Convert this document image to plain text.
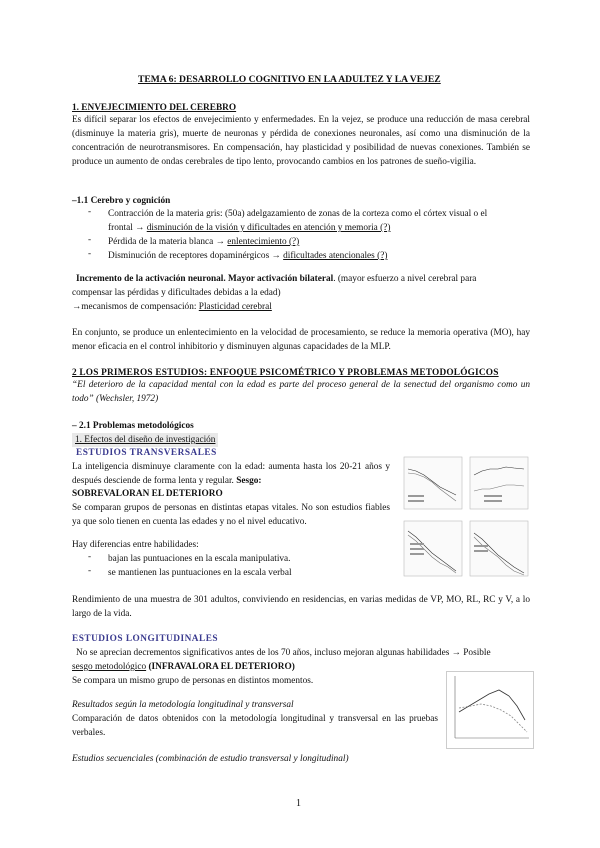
TEMA 6: DESARROLLO COGNITIVO EN LA ADULTEZ Y LA VEJEZ
1. ENVEJECIMIENTO DEL CEREBRO
Es difícil separar los efectos de envejecimiento y enfermedades. En la vejez, se produce una reducción de masa cerebral (disminuye la materia gris), muerte de neuronas y pérdida de conexiones neuronales, así como una disminución de la concentración de neurotransmisores. En compensación, hay plasticidad y posibilidad de nuevas conexiones. También se produce un aumento de ondas cerebrales de tipo lento, provocando cambios en los patrones de sueño-vigilia.
–1.1 Cerebro y cognición
- Contracción de la materia gris: (50a) adelgazamiento de zonas de la corteza como el córtex visual o el
frontal → disminución de la visión y dificultades en atención y memoria (?)
- Pérdida de la materia blanca → enlentecimiento (?)
- Disminución de receptores dopaminérgicos → dificultades atencionales (?)
Incremento de la activación neuronal. Mayor activación bilateral. (mayor esfuerzo a nivel cerebral para
compensar las pérdidas y dificultades debidas a la edad)
→mecanismos de compensación: Plasticidad cerebral
En conjunto, se produce un enlentecimiento en la velocidad de procesamiento, se reduce la memoria operativa (MO), hay menor eficacia en el control inhibitorio y disminuyen algunas capacidades de la MLP.
2 LOS PRIMEROS ESTUDIOS: ENFOQUE PSICOMÉTRICO Y PROBLEMAS METODOLÓGICOS
“El deterioro de la capacidad mental con la edad es parte del proceso general de la senectud del organismo como un todo” (Wechsler, 1972)
– 2.1 Problemas metodológicos
1. Efectos del diseño de investigación
ESTUDIOS TRANSVERSALES
La inteligencia disminuye claramente con la edad: aumenta hasta los 20-21 años y después desciende de forma lenta y regular. Sesgo:
SOBREVALORAN EL DETERIORO
Se comparan grupos de personas en distintas etapas vitales. No son estudios fiables ya que solo tienen en cuenta las edades y no el nivel educativo.
Hay diferencias entre habilidades:
- bajan las puntuaciones en la escala manipulativa.
- se mantienen las puntuaciones en la escala verbal
Rendimiento de una muestra de 301 adultos, conviviendo en residencias, en varias medidas de VP, MO, RL, RC y V, a lo largo de la vida.
ESTUDIOS LONGITUDINALES
No se aprecian decrementos significativos antes de los 70 años, incluso mejoran algunas habilidades → Posible
sesgo metodológico (INFRAVALORA EL DETERIORO)
Se compara un mismo grupo de personas en distintos momentos.
Resultados según la metodología longitudinal y transversal
Comparación de datos obtenidos con la metodología longitudinal y transversal en las pruebas verbales.
Estudios secuenciales (combinación de estudio transversal y longitudinal)
1
